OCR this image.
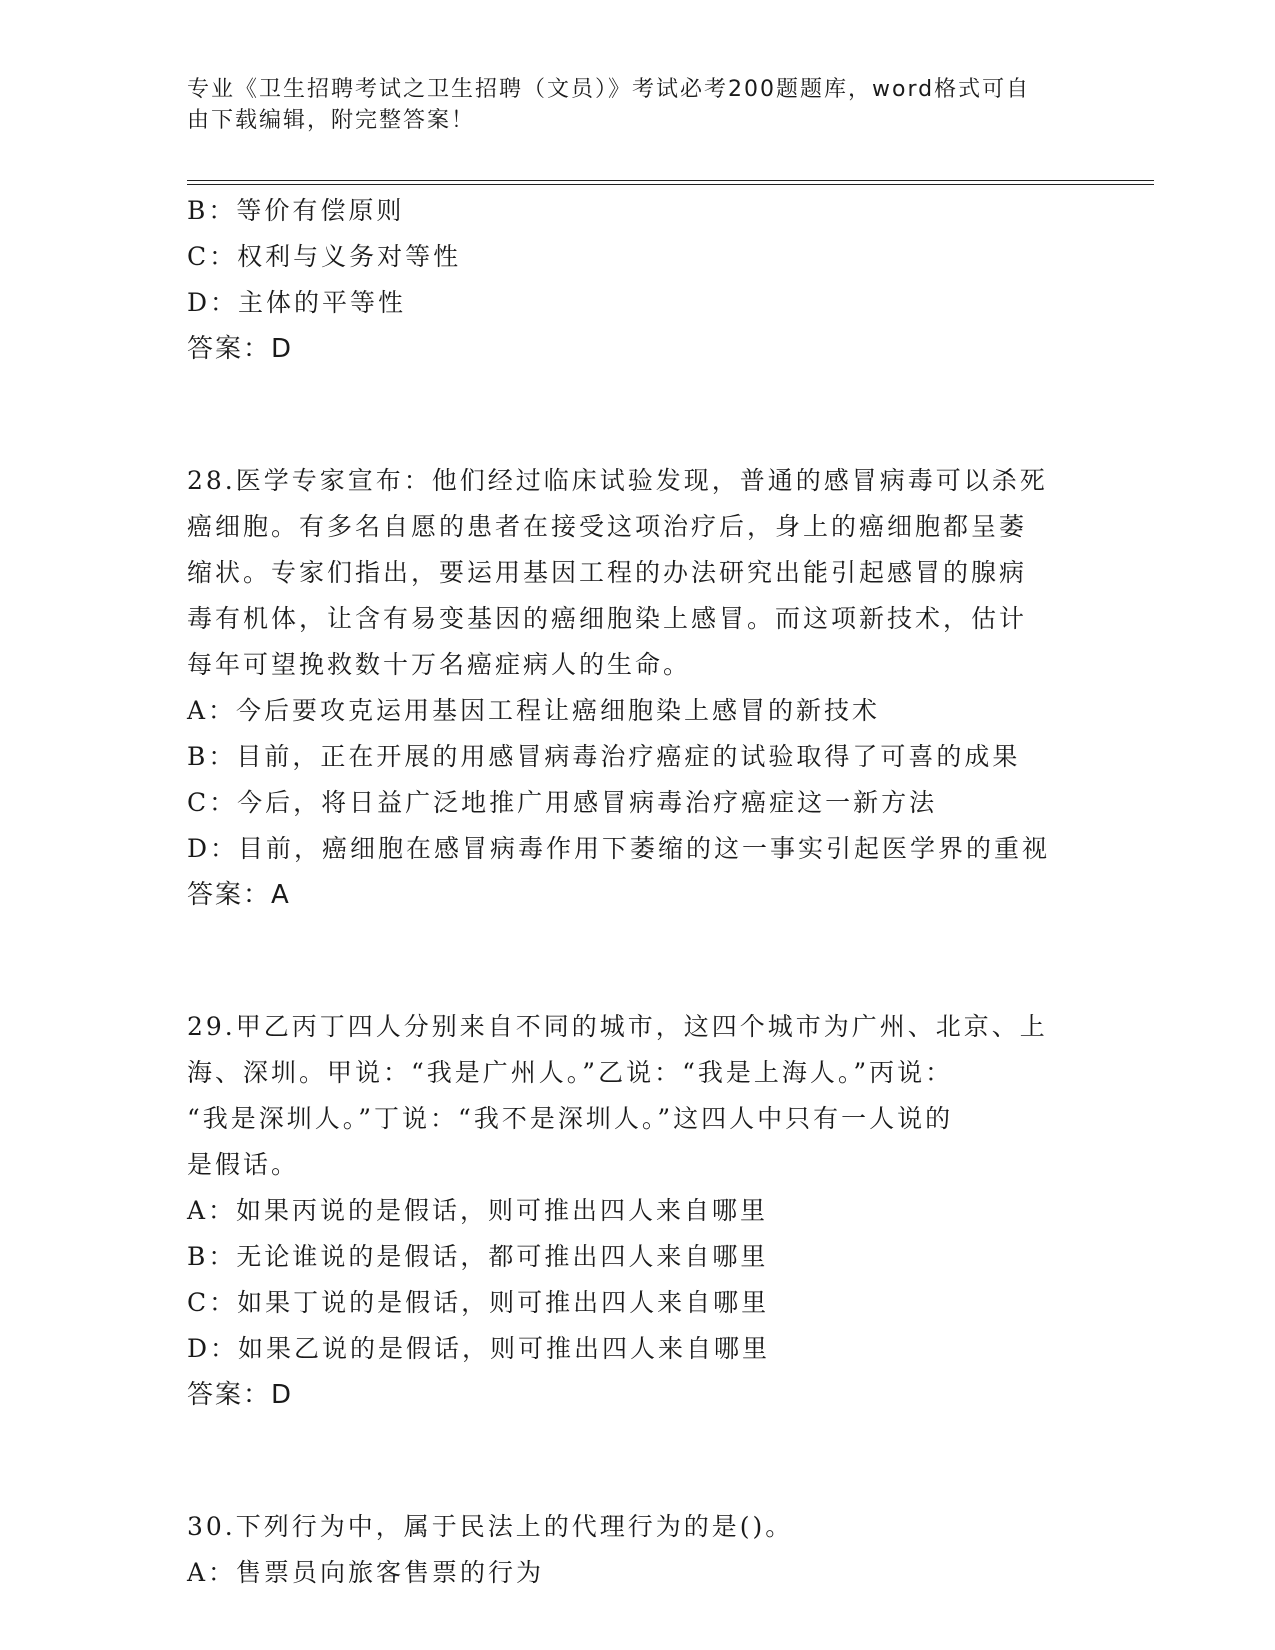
专业《卫生招聘考试之卫生招聘（文员）》考试必考200题题库，word格式可自
由下载编辑，附完整答案！
B：等价有偿原则
C：权利与义务对等性
D：主体的平等性
答案：D
28.医学专家宣布：他们经过临床试验发现，普通的感冒病毒可以杀死
癌细胞。有多名自愿的患者在接受这项治疗后，身上的癌细胞都呈萎
缩状。专家们指出，要运用基因工程的办法研究出能引起感冒的腺病
毒有机体，让含有易变基因的癌细胞染上感冒。而这项新技术，估计
每年可望挽救数十万名癌症病人的生命。
A：今后要攻克运用基因工程让癌细胞染上感冒的新技术
B：目前，正在开展的用感冒病毒治疗癌症的试验取得了可喜的成果
C：今后，将日益广泛地推广用感冒病毒治疗癌症这一新方法
D：目前，癌细胞在感冒病毒作用下萎缩的这一事实引起医学界的重视
答案：A
29.甲乙丙丁四人分别来自不同的城市，这四个城市为广州、北京、上
海、深圳。甲说：“我是广州人。”乙说：“我是上海人。”丙说：
“我是深圳人。”丁说：“我不是深圳人。”这四人中只有一人说的
是假话。
A：如果丙说的是假话，则可推出四人来自哪里
B：无论谁说的是假话，都可推出四人来自哪里
C：如果丁说的是假话，则可推出四人来自哪里
D：如果乙说的是假话，则可推出四人来自哪里
答案：D
30.下列行为中，属于民法上的代理行为的是()。
A：售票员向旅客售票的行为
